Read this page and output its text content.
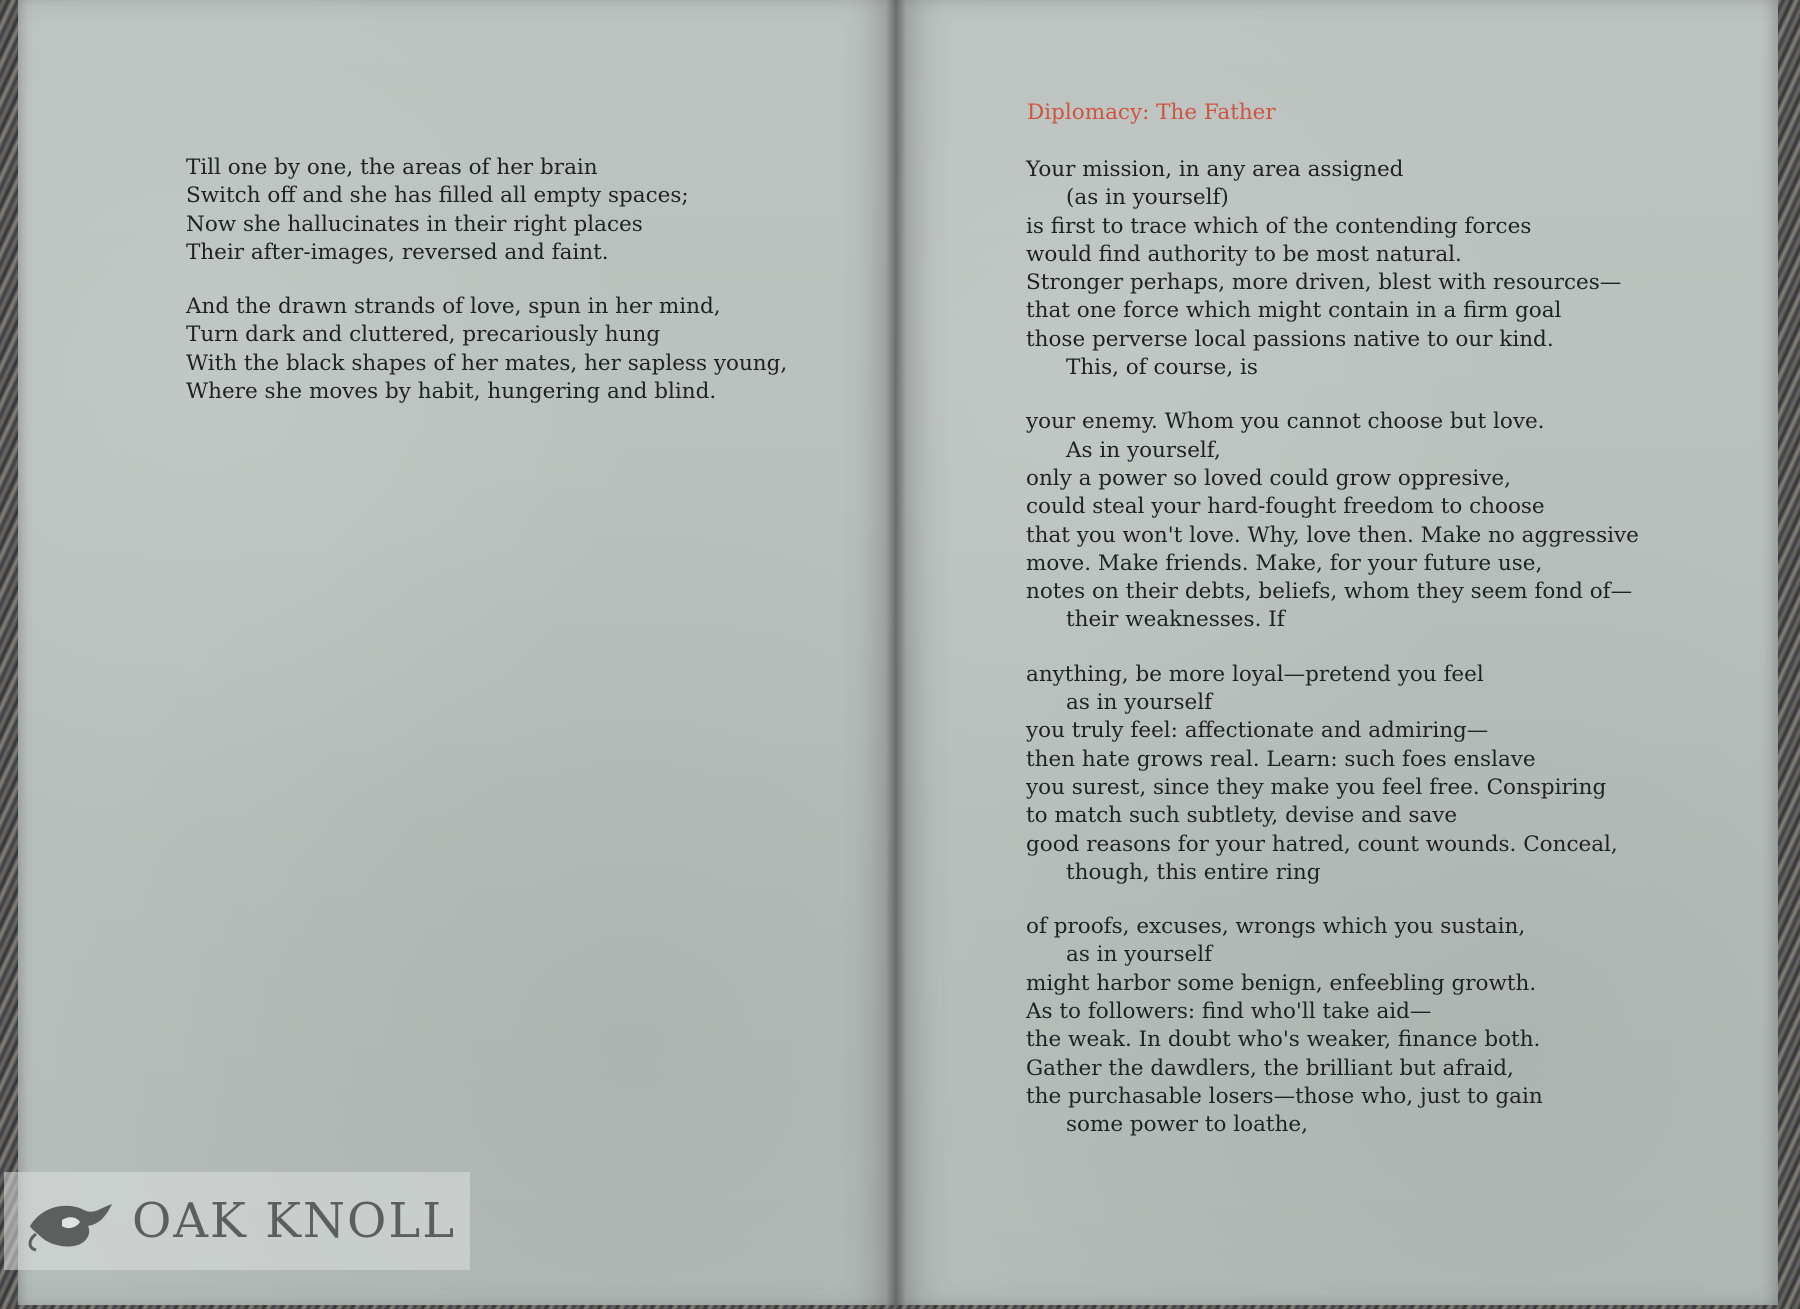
Till one by one, the areas of her brain
Switch off and she has filled all empty spaces;
Now she hallucinates in their right places
Their after-images, reversed and faint.
And the drawn strands of love, spun in her mind,
Turn dark and cluttered, precariously hung
With the black shapes of her mates, her sapless young,
Where she moves by habit, hungering and blind.
Diplomacy: The Father
Your mission, in any area assigned
(as in yourself)
is first to trace which of the contending forces
would find authority to be most natural.
Stronger perhaps, more driven, blest with resources—
that one force which might contain in a firm goal
those perverse local passions native to our kind.
This, of course, is
your enemy. Whom you cannot choose but love.
As in yourself,
only a power so loved could grow oppresive,
could steal your hard-fought freedom to choose
that you won't love. Why, love then. Make no aggressive
move. Make friends. Make, for your future use,
notes on their debts, beliefs, whom they seem fond of—
their weaknesses. If
anything, be more loyal—pretend you feel
as in yourself
you truly feel: affectionate and admiring—
then hate grows real. Learn: such foes enslave
you surest, since they make you feel free. Conspiring
to match such subtlety, devise and save
good reasons for your hatred, count wounds. Conceal,
though, this entire ring
of proofs, excuses, wrongs which you sustain,
as in yourself
might harbor some benign, enfeebling growth.
As to followers: find who'll take aid—
the weak. In doubt who's weaker, finance both.
Gather the dawdlers, the brilliant but afraid,
the purchasable losers—those who, just to gain
some power to loathe,
OAK KNOLL
